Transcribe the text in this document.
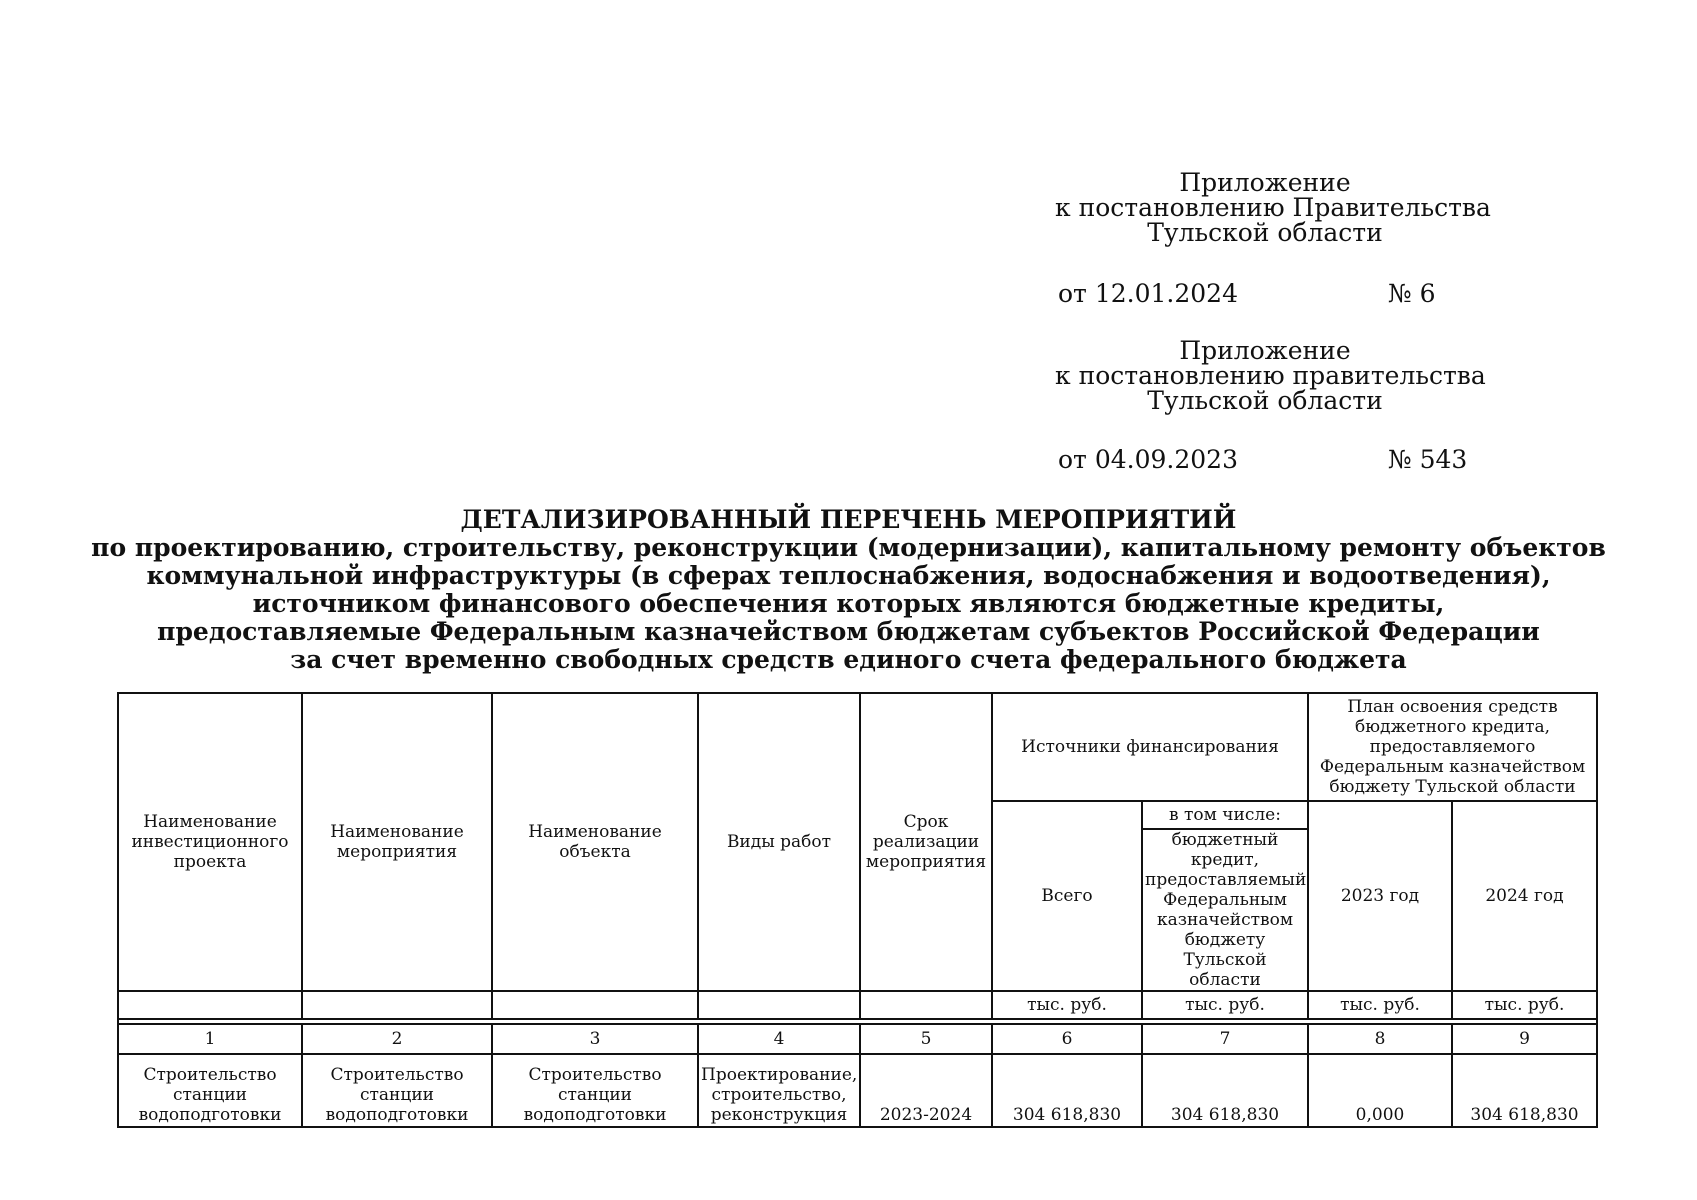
Приложение
к постановлению Правительства
Тульской области
от 12.01.2024	№ 6
Приложение
к постановлению правительства
Тульской области
от 04.09.2023	№ 543
ДЕТАЛИЗИРОВАННЫЙ ПЕРЕЧЕНЬ МЕРОПРИЯТИЙ
по проектированию, строительству, реконструкции (модернизации), капитальному ремонту объектов
коммунальной инфраструктуры (в сферах теплоснабжения, водоснабжения и водоотведения),
источником финансового обеспечения которых являются бюджетные кредиты,
предоставляемые Федеральным казначейством бюджетам субъектов Российской Федерации
за счет временно свободных средств единого счета федерального бюджета
Наименование инвестиционного проекта	Наименование мероприятия	Наименование объекта	Виды работ	Срок реализации мероприятия	Источники финансирования		План освоения средств бюджетного кредита, предоставляемого Федеральным казначейством бюджету Тульской области	
					Всего	в том числе:	2023 год	2024 год
						бюджетный кредит, предоставляемый Федеральным казначейством бюджету Тульской области		
					тыс. руб.	тыс. руб.	тыс. руб.	тыс. руб.

1	2	3	4	5	6	7	8	9
Строительство станции водоподготовки	Строительство станции водоподготовки	Строительство станции водоподготовки	Проектирование, строительство, реконструкция	2023-2024	304 618,830	304 618,830	0,000	304 618,830
